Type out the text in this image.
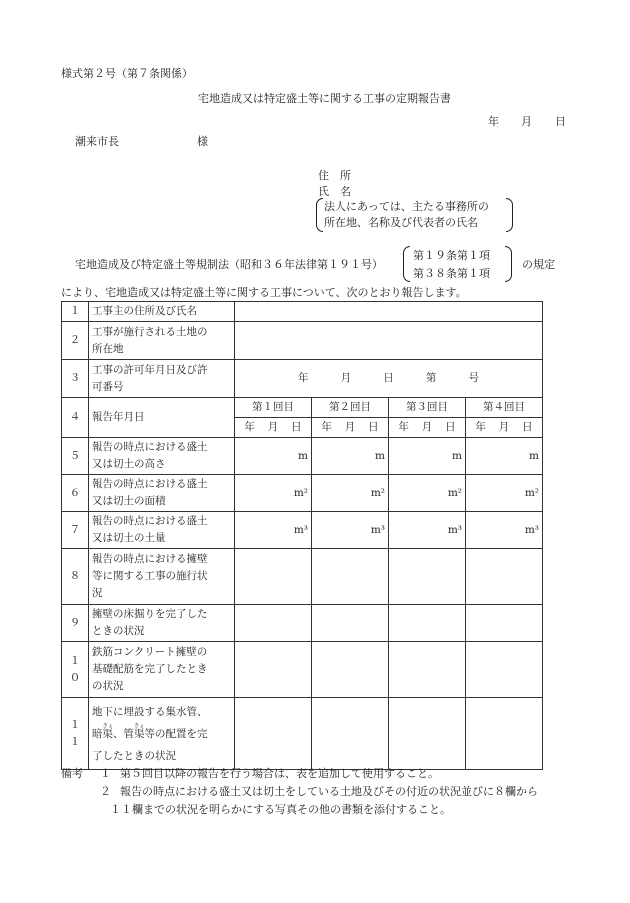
様式第２号（第７条関係）
宅地造成又は特定盛土等に関する工事の定期報告書
年 月 日
潮来市長	様
住　所
氏　名
法人にあっては、主たる事務所の
所在地、名称及び代表者の氏名
宅地造成及び特定盛土等規制法（昭和３６年法律第１９１号）
第１９条第１項
第３８条第１項
の規定
により、宅地造成又は特定盛土等に関する工事について、次のとおり報告します。
１	工事主の住所及び氏名				
２	工事が施行される土地の
所在地				
３	工事の許可年月日及び許
可番号	年 月 日 第 号			

４	報告年月日	第１回目	第２回目	第３回目	第４回目

		年 月 日	年 月 日	年 月 日	年 月 日

５	報告の時点における盛土
又は切土の高さ	m	m	m	m
６	報告の時点における盛土
又は切土の面積	m²	m²	m²	m²
７	報告の時点における盛土
又は切土の土量	m³	m³	m³	m³
８	報告の時点における擁壁
等に関する工事の施行状
況				
９	擁壁の床掘りを完了した
ときの状況				
１０	鉄筋コンクリート擁壁の
基礎配筋を完了したとき
の状況				
１１	地下に埋設する集水管、
暗渠きょ、管渠きょ等の配置を完
了したときの状況				
備考 １ 第５回目以降の報告を行う場合は、表を追加して使用すること。
２ 報告の時点における盛土又は切土をしている土地及びその付近の状況並びに８欄から
１１欄までの状況を明らかにする写真その他の書類を添付すること。
